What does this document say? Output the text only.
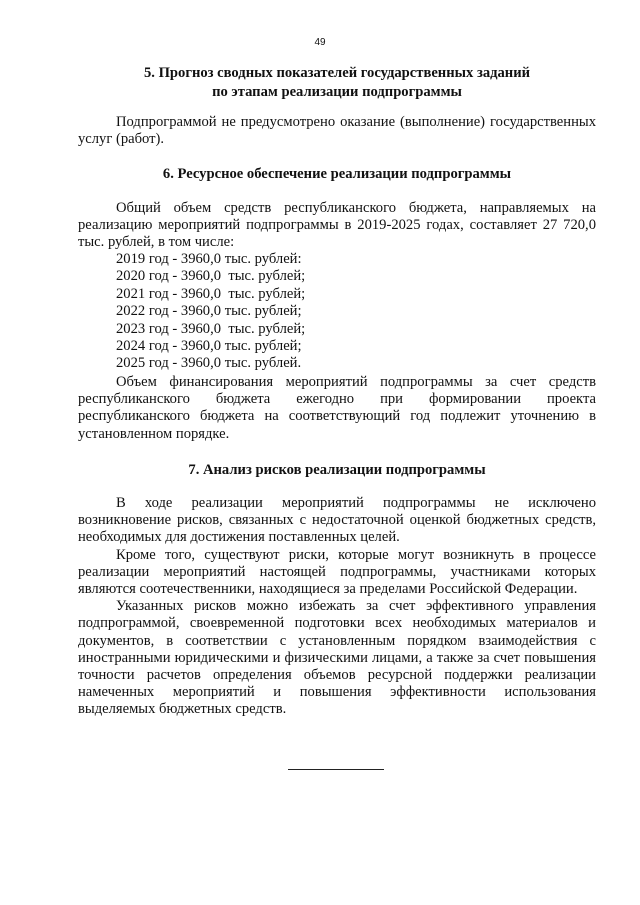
49
5. Прогноз сводных показателей государственных заданий
по этапам реализации подпрограммы

Подпрограммой не предусмотрено оказание (выполнение) государственных услуг (работ).

6. Ресурсное обеспечение реализации подпрограммы

Общий объем средств республиканского бюджета, направляемых на реализацию мероприятий подпрограммы в 2019-2025 годах, составляет 27 720,0 тыс. рублей, в том числе:

2019 год - 3960,0 тыс. рублей:
2020 год - 3960,0  тыс. рублей;
2021 год - 3960,0  тыс. рублей;
2022 год - 3960,0 тыс. рублей;
2023 год - 3960,0  тыс. рублей;
2024 год - 3960,0 тыс. рублей;
2025 год - 3960,0 тыс. рублей.

Объем финансирования мероприятий подпрограммы за счет средств республиканского бюджета ежегодно при формировании проекта республиканского бюджета на соответствующий год подлежит уточнению в установленном порядке.

7. Анализ рисков реализации подпрограммы

В ходе реализации мероприятий подпрограммы не исключено возникновение рисков, связанных с недостаточной оценкой бюджетных средств, необходимых для достижения поставленных целей.

Кроме того, существуют риски, которые могут возникнуть в процессе реализации мероприятий настоящей подпрограммы, участниками которых являются соотечественники, находящиеся за пределами Российской Федерации.

Указанных рисков можно избежать за счет эффективного управления подпрограммой, своевременной подготовки всех необходимых материалов и документов, в соответствии с установленным порядком взаимодействия с иностранными юридическими и физическими лицами, а также за счет повышения точности расчетов определения объемов ресурсной поддержки реализации намеченных мероприятий и повышения эффективности использования выделяемых бюджетных средств.
